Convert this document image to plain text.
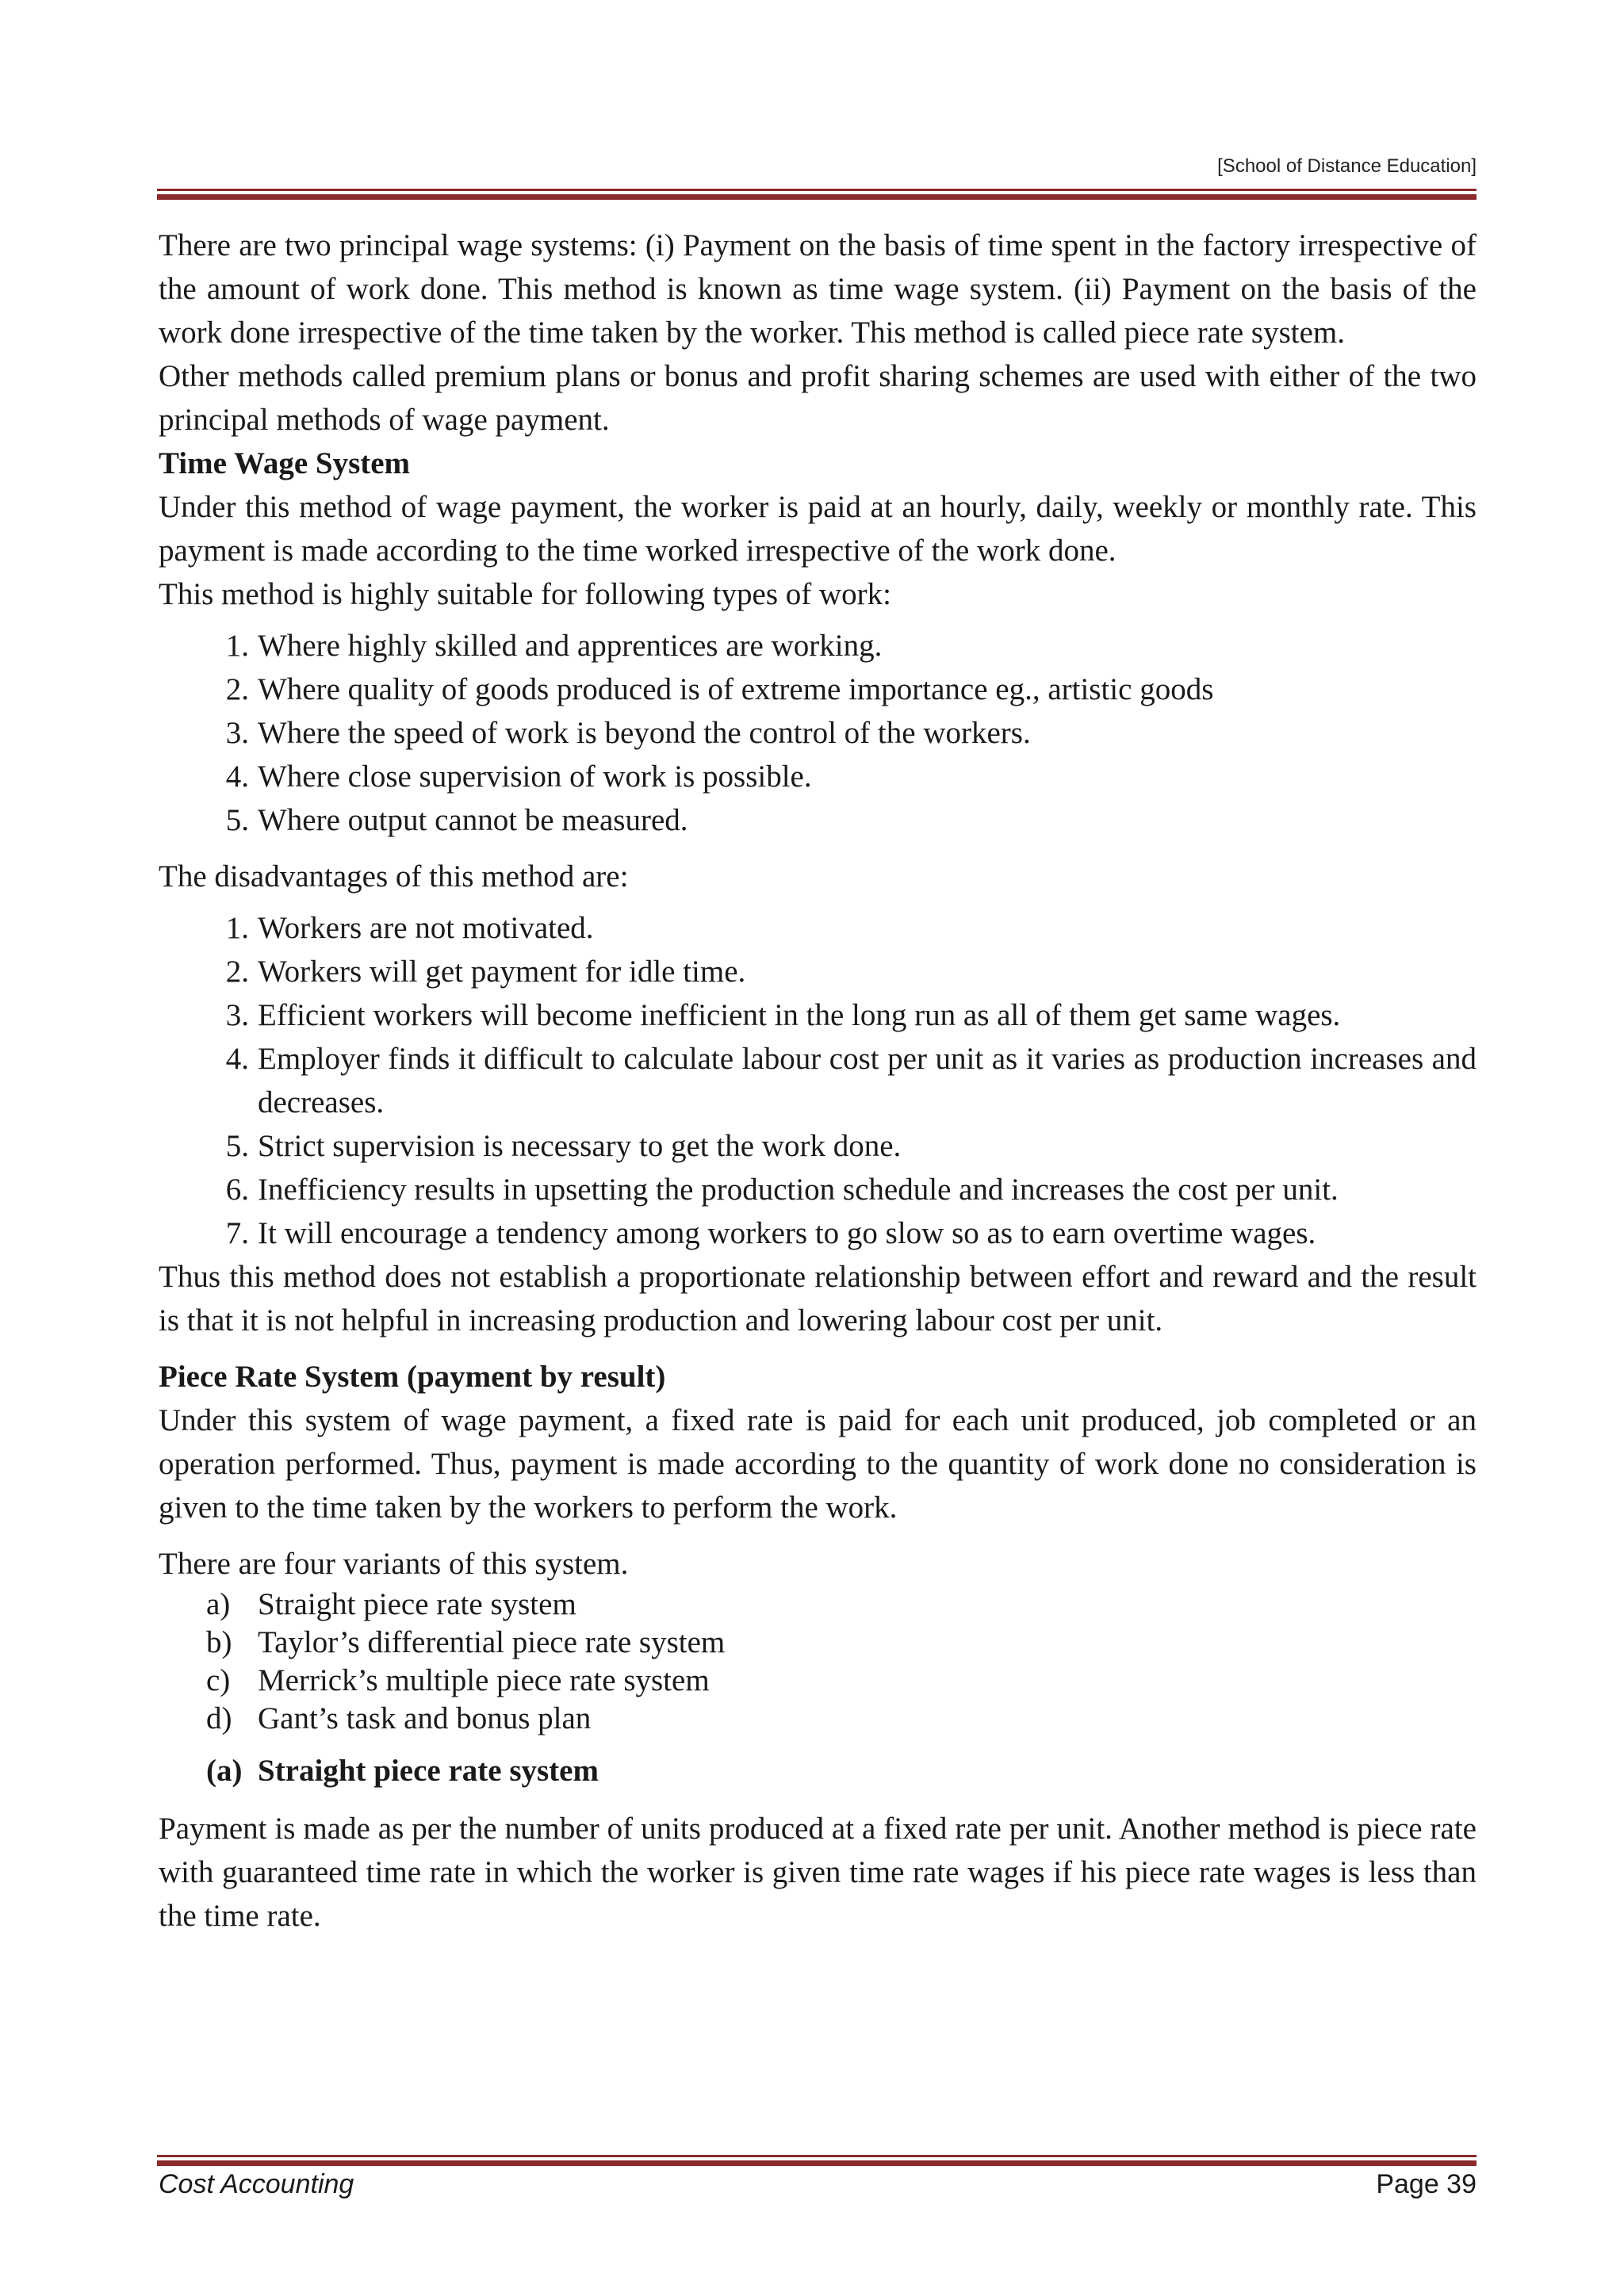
[School of Distance Education]

There are two principal wage systems: (i) Payment on the basis of time spent in the factory irrespective of the amount of work done. This method is known as time wage system. (ii) Payment on the basis of the work done irrespective of the time taken by the worker. This method is called piece rate system.

Other methods called premium plans or bonus and profit sharing schemes are used with either of the two principal methods of wage payment.

Time Wage System

Under this method of wage payment, the worker is paid at an hourly, daily, weekly or monthly rate. This payment is made according to the time worked irrespective of the work done.

This method is highly suitable for following types of work:

1. Where highly skilled and apprentices are working.
2. Where quality of goods produced is of extreme importance eg., artistic goods
3. Where the speed of work is beyond the control of the workers.
4. Where close supervision of work is possible.
5. Where output cannot be measured.

The disadvantages of this method are:

1. Workers are not motivated.
2. Workers will get payment for idle time.
3. Efficient workers will become inefficient in the long run as all of them get same wages.
4. Employer finds it difficult to calculate labour cost per unit as it varies as production increases and decreases.
5. Strict supervision is necessary to get the work done.
6. Inefficiency results in upsetting the production schedule and increases the cost per unit.
7. It will encourage a tendency among workers to go slow so as to earn overtime wages.

Thus this method does not establish a proportionate relationship between effort and reward and the result is that it is not helpful in increasing production and lowering labour cost per unit.

Piece Rate System (payment by result)

Under this system of wage payment, a fixed rate is paid for each unit produced, job completed or an operation performed. Thus, payment is made according to the quantity of work done no consideration is given to the time taken by the workers to perform the work.

There are four variants of this system.

a) Straight piece rate system
b) Taylor’s differential piece rate system
c) Merrick’s multiple piece rate system
d) Gant’s task and bonus plan
(a) Straight piece rate system

Payment is made as per the number of units produced at a fixed rate per unit. Another method is piece rate with guaranteed time rate in which the worker is given time rate wages if his piece rate wages is less than the time rate.

Cost Accounting	Page 39
